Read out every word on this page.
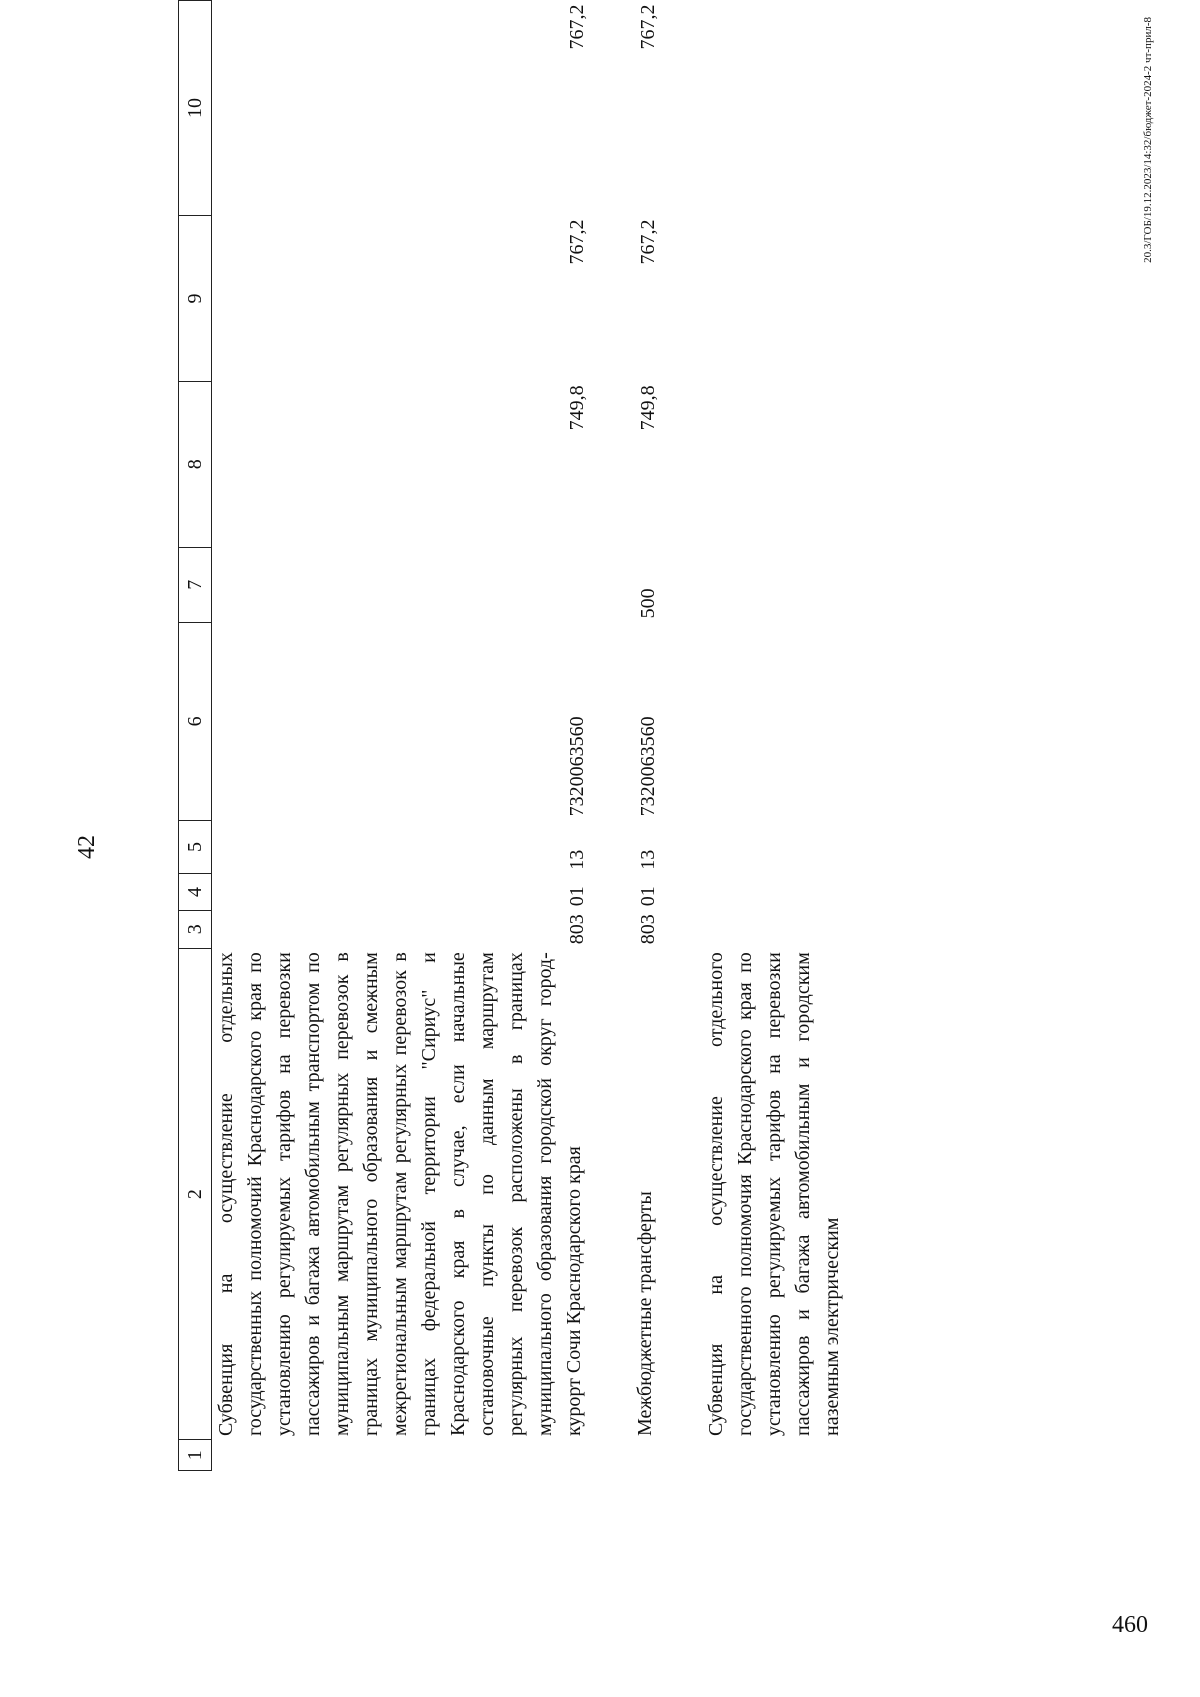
42
1	2	3	4	5	6	7	8	9	10
	Субвенция на осуществление отдельных государственных полномочий Краснодарского края по установлению регулируемых тарифов на перевозки пассажиров и багажа автомобильным транспортом по муниципальным маршрутам регулярных перевозок в границах муниципального образования и смежным межрегиональным маршрутам регулярных перевозок в границах федеральной территории "Сириус" и Краснодарского края в случае, если начальные остановочные пункты по данным маршрутам регулярных перевозок расположены в границах муниципального образования городской округ город-курорт Сочи Краснодарского края	803	01	13	7320063560		749,8	767,2	767,2

	Межбюджетные трансферты	803	01	13	7320063560	500	749,8	767,2	767,2

	Субвенция на осуществление отдельного государственного полномочия Краснодарского края по установлению регулируемых тарифов на перевозки пассажиров и багажа автомобильным и городским наземным электрическим								
20.3/ГОБ/19.12.2023/14:32/бюджет-2024-2 чт-прил-8
460
